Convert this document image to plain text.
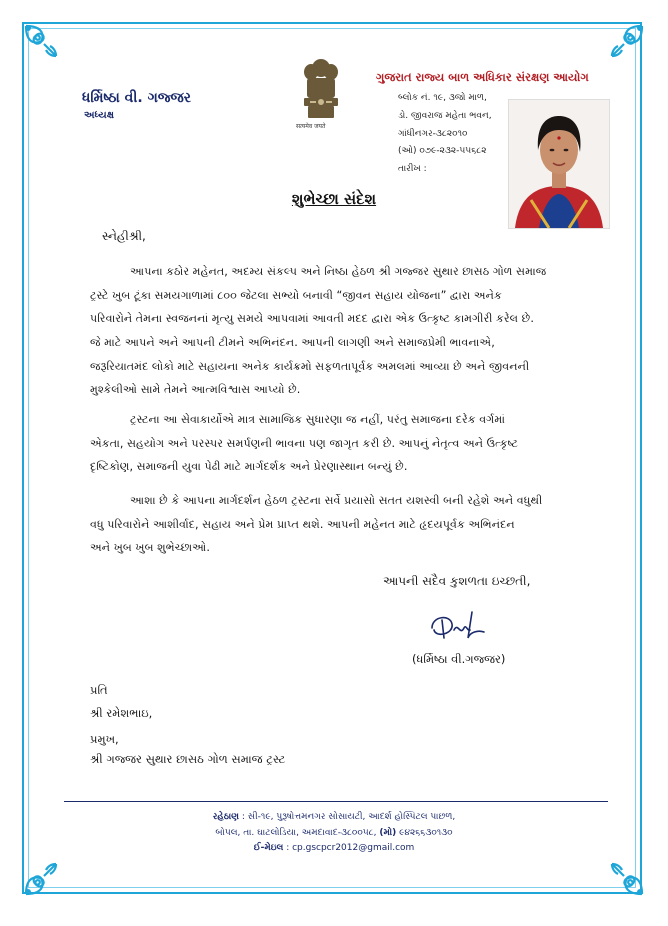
ધર્મિષ્ઠા વી. ગજ્જર
અધ્યક્ષ
सत्यमेव जयते
ગુજરાત રાજ્ય બાળ અધિકાર સંરક્ષણ આયોગ
બ્લોક નં. ૧૯, ૩જો માળ,
ડો. જીવરાજ મહેતા ભવન,
ગાંધીનગર-૩૮૨૦૧૦
(ઓ) ૦૭૯-૨૩૨-૫૫૬૮૨
તારીખ :
શુભેચ્છા સંદેશ
સ્નેહીશ્રી,
આપના કઠોર મહેનત, અદમ્ય સંકલ્પ અને નિષ્ઠા હેઠળ શ્રી ગજ્જર સુથાર છાસઠ ગોળ સમાજ
ટ્રસ્ટે ખુબ ટૂંકા સમયગાળામાં ૮૦૦ જેટલા સભ્યો બનાવી “જીવન સહાય યોજના” દ્વારા અનેક
પરિવારોને તેમના સ્વજનનાં મૃત્યુ સમયે આપવામાં આવતી મદદ દ્વારા એક ઉત્કૃષ્ટ કામગીરી કરેલ છે.
જે માટે આપને અને આપની ટીમને અભિનંદન. આપની લાગણી અને સમાજપ્રેમી ભાવનાએ,
જરૂરિયાતમંદ લોકો માટે સહાયના અનેક કાર્યક્રમો સફળતાપૂર્વક અમલમાં આવ્યા છે અને જીવનની
મુશ્કેલીઓ સામે તેમને આત્મવિશ્વાસ આપ્યો છે.
ટ્રસ્ટના આ સેવાકાર્યોએ માત્ર સામાજિક સુધારણા જ નહીં, પરંતુ સમાજના દરેક વર્ગમાં
એકતા, સહયોગ અને પરસ્પર સમર્પણની ભાવના પણ જાગૃત કરી છે. આપનું નેતૃત્વ અને ઉત્કૃષ્ટ
દૃષ્ટિકોણ, સમાજની યુવા પેઢી માટે માર્ગદર્શક અને પ્રેરણાસ્થાન બન્યું છે.
આશા છે કે આપના માર્ગદર્શન હેઠળ ટ્રસ્ટના સર્વે પ્રયાસો સતત યશસ્વી બની રહેશે અને વધુથી
વધુ પરિવારોને આશીર્વાદ, સહાય અને પ્રેમ પ્રાપ્ત થશે. આપની મહેનત માટે હૃદયપૂર્વક અભિનંદન
અને ખુબ ખુબ શુભેચ્છાઓ.
આપની સદૈવ કુશળતા ઇચ્છતી,
(ધર્મિષ્ઠા વી.ગજ્જર)
પ્રતિ
શ્રી રમેશભાઇ,
પ્રમુખ,
શ્રી ગજ્જર સુથાર છાસઠ ગોળ સમાજ ટ્રસ્ટ
રહેઠાણ : સી-૧૯, પુરૂષોત્તમનગર સોસાયટી, આદર્શ હોસ્પિટલ પાછળ,
બોપલ, તા. ઘાટલોડિયા, અમદાવાદ-૩૮૦૦૫૮, (મો) ૯૪૨૬૬૩૦૧૩૦
ઈ-મેઇલ : cp.gscpcr2012@gmail.com
